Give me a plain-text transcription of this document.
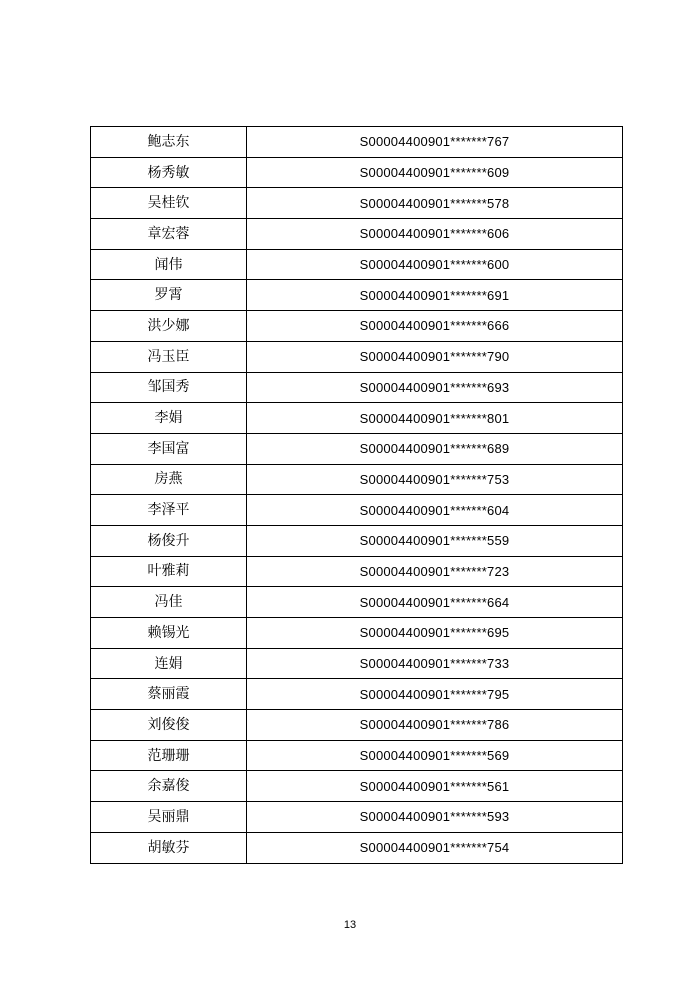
鲍志东	S00004400901*******767
杨秀敏	S00004400901*******609
吴桂钦	S00004400901*******578
章宏蓉	S00004400901*******606
闻伟	S00004400901*******600
罗霄	S00004400901*******691
洪少娜	S00004400901*******666
冯玉臣	S00004400901*******790
邹国秀	S00004400901*******693
李娟	S00004400901*******801
李国富	S00004400901*******689
房燕	S00004400901*******753
李泽平	S00004400901*******604
杨俊升	S00004400901*******559
叶雅莉	S00004400901*******723
冯佳	S00004400901*******664
赖锡光	S00004400901*******695
连娟	S00004400901*******733
蔡丽霞	S00004400901*******795
刘俊俊	S00004400901*******786
范珊珊	S00004400901*******569
余嘉俊	S00004400901*******561
吴丽鼎	S00004400901*******593
胡敏芬	S00004400901*******754
13
